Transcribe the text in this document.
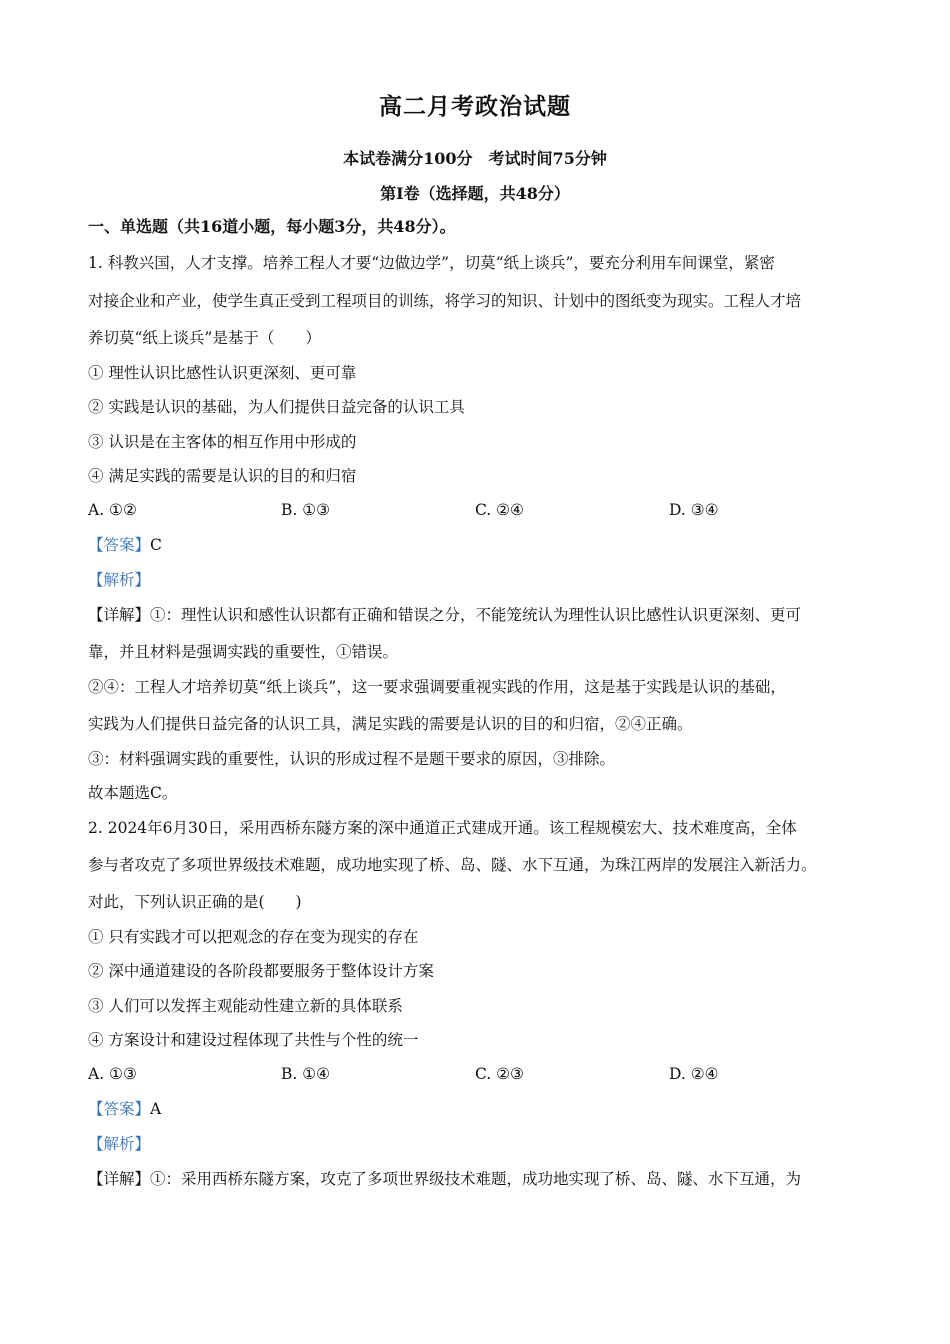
高二月考政治试题
本试卷满分100分　考试时间75分钟
第Ⅰ卷（选择题，共48分）
一、单选题（共16道小题，每小题3分，共48分）。
1. 科教兴国，人才支撑。培养工程人才要“边做边学”，切莫“纸上谈兵”，要充分利用车间课堂，紧密
对接企业和产业，使学生真正受到工程项目的训练，将学习的知识、计划中的图纸变为现实。工程人才培
养切莫“纸上谈兵”是基于（　　）
① 理性认识比感性认识更深刻、更可靠
② 实践是认识的基础，为人们提供日益完备的认识工具
③ 认识是在主客体的相互作用中形成的
④ 满足实践的需要是认识的目的和归宿
A. ①②	B. ①③	C. ②④	D. ③④
【答案】C
【解析】
【详解】①：理性认识和感性认识都有正确和错误之分，不能笼统认为理性认识比感性认识更深刻、更可
靠，并且材料是强调实践的重要性，①错误。
②④：工程人才培养切莫“纸上谈兵”，这一要求强调要重视实践的作用，这是基于实践是认识的基础，
实践为人们提供日益完备的认识工具，满足实践的需要是认识的目的和归宿，②④正确。
③：材料强调实践的重要性，认识的形成过程不是题干要求的原因，③排除。
故本题选C。
2. 2024年6月30日，采用西桥东隧方案的深中通道正式建成开通。该工程规模宏大、技术难度高，全体
参与者攻克了多项世界级技术难题，成功地实现了桥、岛、隧、水下互通，为珠江两岸的发展注入新活力。
对此，下列认识正确的是(　　)
① 只有实践才可以把观念的存在变为现实的存在
② 深中通道建设的各阶段都要服务于整体设计方案
③ 人们可以发挥主观能动性建立新的具体联系
④ 方案设计和建设过程体现了共性与个性的统一
A. ①③	B. ①④	C. ②③	D. ②④
【答案】A
【解析】
【详解】①：采用西桥东隧方案，攻克了多项世界级技术难题，成功地实现了桥、岛、隧、水下互通，为
